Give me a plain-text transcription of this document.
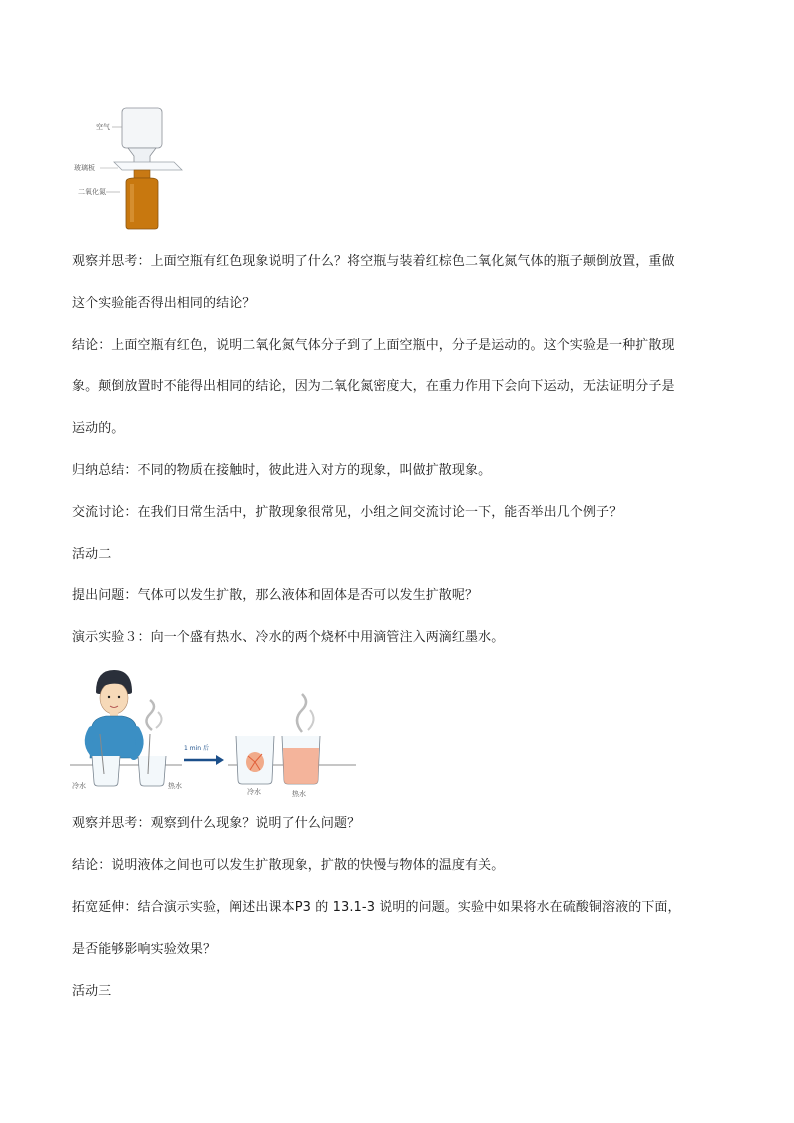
空气
玻璃板
二氧化氮
观察并思考：上面空瓶有红色现象说明了什么？将空瓶与装着红棕色二氧化氮气体的瓶子颠倒放置，重做
这个实验能否得出相同的结论？
结论：上面空瓶有红色，说明二氧化氮气体分子到了上面空瓶中，分子是运动的。这个实验是一种扩散现
象。颠倒放置时不能得出相同的结论，因为二氧化氮密度大，在重力作用下会向下运动，无法证明分子是
运动的。
归纳总结：不同的物质在接触时，彼此进入对方的现象，叫做扩散现象。
交流讨论：在我们日常生活中，扩散现象很常见，小组之间交流讨论一下，能否举出几个例子？
活动二
提出问题：气体可以发生扩散，那么液体和固体是否可以发生扩散呢？
演示实验３：向一个盛有热水、冷水的两个烧杯中用滴管注入两滴红墨水。
冷水	热水
1 min 后
冷水	热水
观察并思考：观察到什么现象？说明了什么问题？
结论：说明液体之间也可以发生扩散现象，扩散的快慢与物体的温度有关。
拓宽延伸：结合演示实验，阐述出课本P3 的 13.1-3 说明的问题。实验中如果将水在硫酸铜溶液的下面，
是否能够影响实验效果？
活动三
